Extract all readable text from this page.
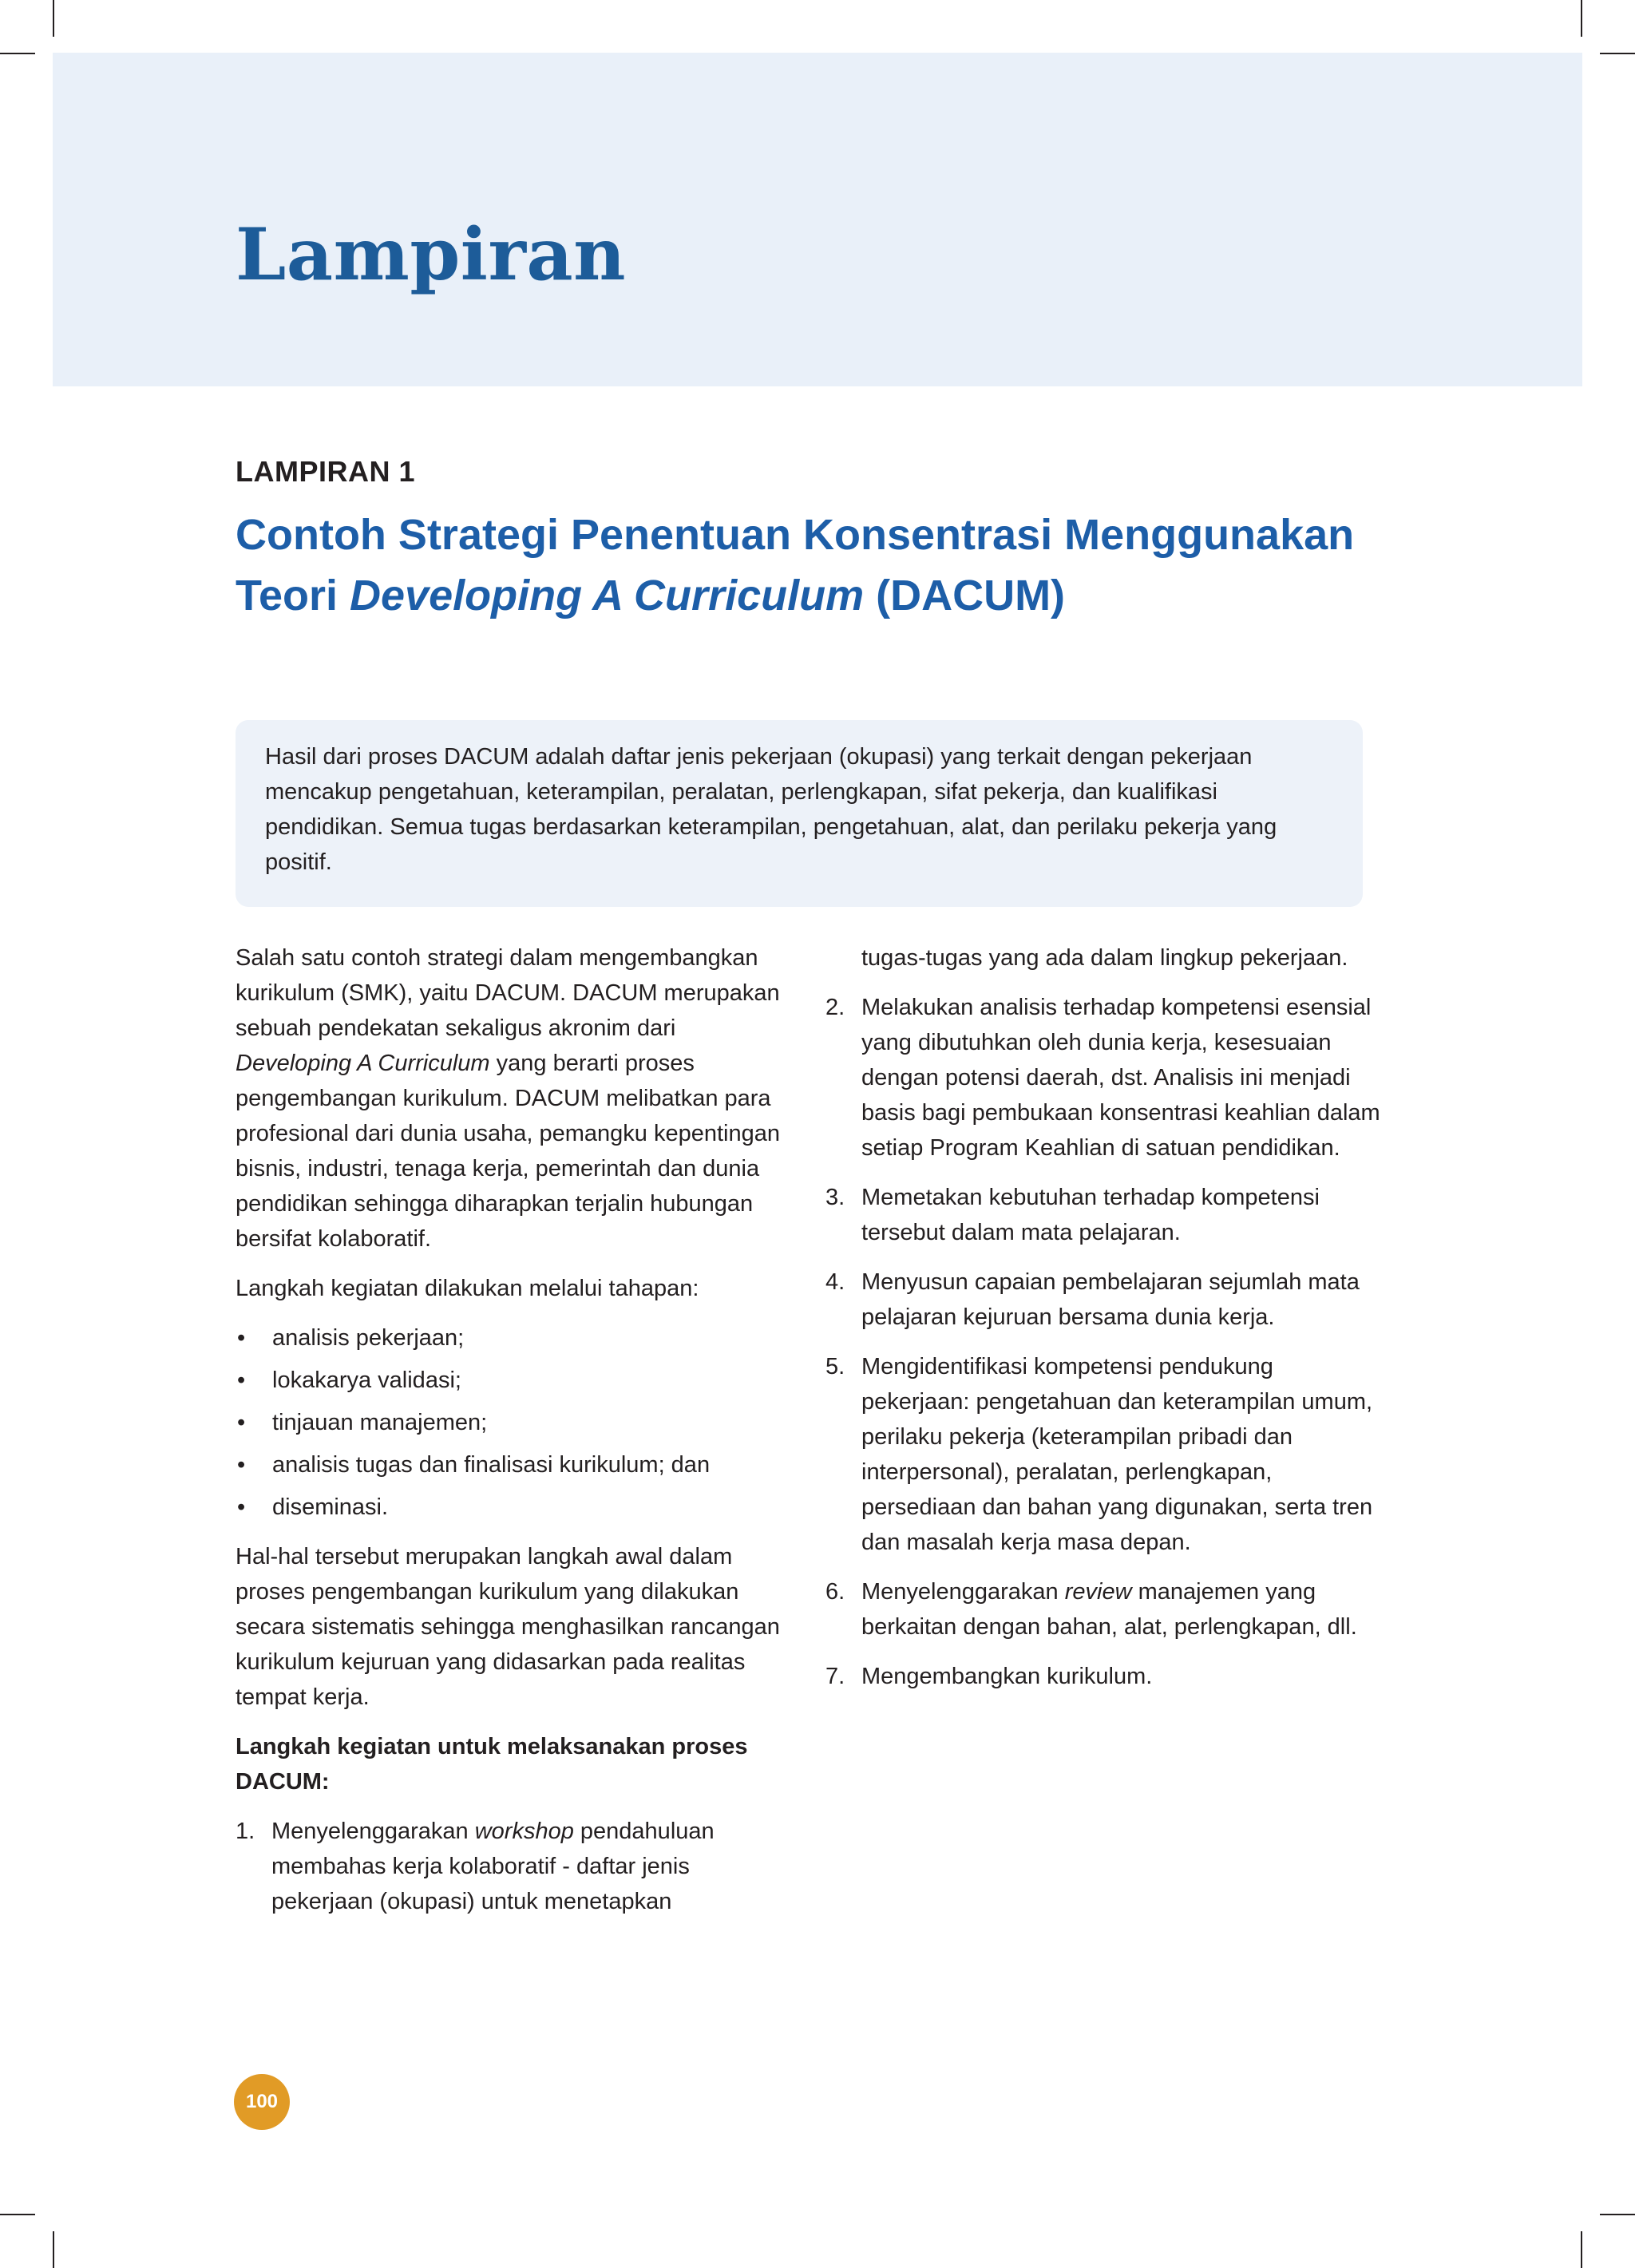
Lampiran
LAMPIRAN 1
Contoh Strategi Penentuan Konsentrasi Menggunakan Teori Developing A Curriculum (DACUM)

Hasil dari proses DACUM adalah daftar jenis pekerjaan (okupasi) yang terkait dengan pekerjaan mencakup pengetahuan, keterampilan, peralatan, perlengkapan, sifat pekerja, dan kualifikasi pendidikan. Semua tugas berdasarkan keterampilan, pengetahuan, alat, dan perilaku pekerja yang positif.

Salah satu contoh strategi dalam mengembangkan kurikulum (SMK), yaitu DACUM. DACUM merupakan sebuah pendekatan sekaligus akronim dari Developing A Curriculum yang berarti proses pengembangan kurikulum. DACUM melibatkan para profesional dari dunia usaha, pemangku kepentingan bisnis, industri, tenaga kerja, pemerintah dan dunia pendidikan sehingga diharapkan terjalin hubungan bersifat kolaboratif.

Langkah kegiatan dilakukan melalui tahapan:

• analisis pekerjaan;
• lokakarya validasi;
• tinjauan manajemen;
• analisis tugas dan finalisasi kurikulum; dan
• diseminasi.

Hal-hal tersebut merupakan langkah awal dalam proses pengembangan kurikulum yang dilakukan secara sistematis sehingga menghasilkan rancangan kurikulum kejuruan yang didasarkan pada realitas tempat kerja.

Langkah kegiatan untuk melaksanakan proses DACUM:

1. Menyelenggarakan workshop pendahuluan membahas kerja kolaboratif - daftar jenis pekerjaan (okupasi) untuk menetapkan

tugas-tugas yang ada dalam lingkup pekerjaan.

2. Melakukan analisis terhadap kompetensi esensial yang dibutuhkan oleh dunia kerja, kesesuaian dengan potensi daerah, dst. Analisis ini menjadi basis bagi pembukaan konsentrasi keahlian dalam setiap Program Keahlian di satuan pendidikan.
3. Memetakan kebutuhan terhadap kompetensi tersebut dalam mata pelajaran.
4. Menyusun capaian pembelajaran sejumlah mata pelajaran kejuruan bersama dunia kerja.
5. Mengidentifikasi kompetensi pendukung pekerjaan: pengetahuan dan keterampilan umum, perilaku pekerja (keterampilan pribadi dan interpersonal), peralatan, perlengkapan, persediaan dan bahan yang digunakan, serta tren dan masalah kerja masa depan.
6. Menyelenggarakan review manajemen yang berkaitan dengan bahan, alat, perlengkapan, dll.
7. Mengembangkan kurikulum.
100
